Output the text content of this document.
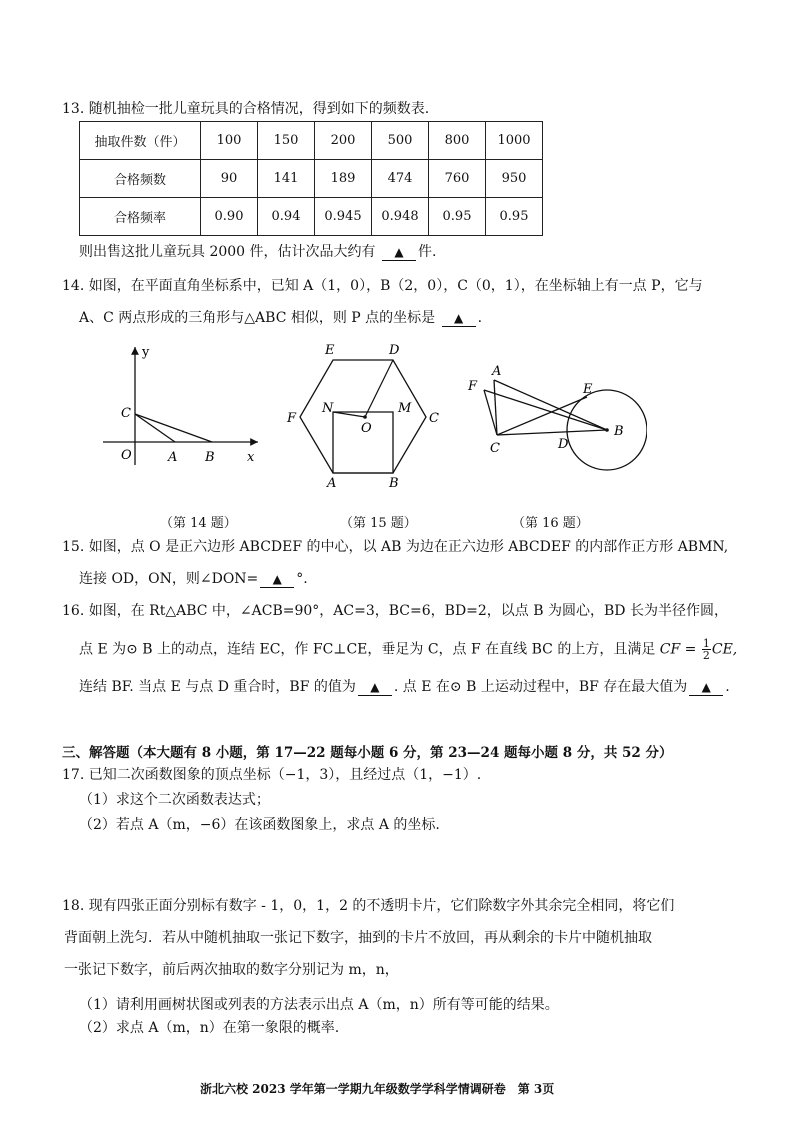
13. 随机抽检一批儿童玩具的合格情况，得到如下的频数表.
抽取件数（件）	100	150	200	500	800	1000
合格频数	90	141	189	474	760	950
合格频率	0.90	0.94	0.945	0.948	0.95	0.95
则出售这批儿童玩具 2000 件，估计次品大约有 ▲ 件.
14. 如图，在平面直角坐标系中，已知 A（1，0），B（2，0），C（0，1），在坐标轴上有一点 P，它与
A、C 两点形成的三角形与△ABC 相似，则 P 点的坐标是 ▲ .
y
C
O	A B x
E	D
F
N	M
O
C
A	B
F
A
E
B
C	D
（第 14 题）	（第 15 题）	（第 16 题）
15. 如图，点 O 是正六边形 ABCDEF 的中心，以 AB 为边在正六边形 ABCDEF 的内部作正方形 ABMN,
连接 OD，ON，则∠DON= ▲ °.
16. 如图，在 Rt△ABC 中，∠ACB=90°，AC=3，BC=6，BD=2，以点 B 为圆心，BD 长为半径作圆，
点 E 为⊙ B 上的动点，连结 EC，作 FC⊥CE，垂足为 C，点 F 在直线 BC 的上方，且满足 CF = $\frac{1}{2}$ CE,
连结 BF. 当点 E 与点 D 重合时，BF 的值为 ▲ . 点 E 在⊙ B 上运动过程中，BF 存在最大值为 ▲ .
三、解答题（本大题有 8 小题，第 17—22 题每小题 6 分，第 23—24 题每小题 8 分，共 52 分）
17. 已知二次函数图象的顶点坐标（−1，3），且经过点（1，−1）.
（1）求这个二次函数表达式；
（2）若点 A（m，−6）在该函数图象上，求点 A 的坐标.
18. 现有四张正面分别标有数字 - 1，0，1，2 的不透明卡片，它们除数字外其余完全相同，将它们
背面朝上洗匀．若从中随机抽取一张记下数字，抽到的卡片不放回，再从剩余的卡片中随机抽取
一张记下数字，前后两次抽取的数字分别记为 m，n，
（1）请利用画树状图或列表的方法表示出点 A（m，n）所有等可能的结果。
（2）求点 A（m，n）在第一象限的概率.
浙北六校 2023 学年第一学期九年级数学学科学情调研卷　第 3页
